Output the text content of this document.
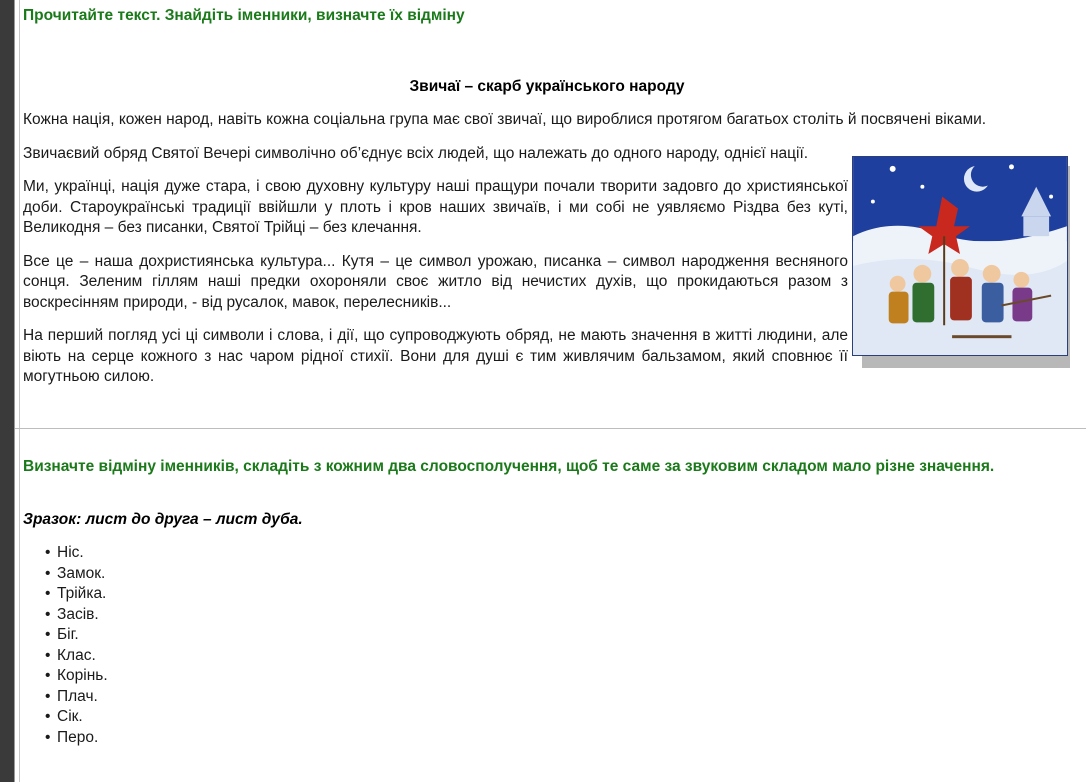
Прочитайте текст. Знайдіть іменники, визначте їх відміну
Звичаї – скарб українського народу

Кожна нація, кожен народ, навіть кожна соціальна група має свої звичаї, що вироблися протягом багатьох століть й посвячені віками.

Звичаєвий обряд Святої Вечері символічно об’єднує всіх людей, що належать до одного народу, однієї нації.

Ми, українці, нація дуже стара, і свою духовну культуру наші пращури почали творити задовго до християнської доби. Староукраїнські традиції ввійшли у плоть і кров наших звичаїв, і ми собі не уявляємо Різдва без куті, Великодня – без писанки, Святої Трійці – без клечання.

Все це – наша дохристиянська культура... Кутя – це символ урожаю, писанка – символ народження весняного сонця. Зеленим гіллям наші предки охороняли своє житло від нечистих духів, що прокидаються разом з воскресінням природи, - від русалок, мавок, перелесників...

На перший погляд усі ці символи і слова, і дії, що супроводжують обряд, не мають значення в житті людини, але віють на серце кожного з нас чаром рідної стихії. Вони для душі є тим живлячим бальзамом, який сповнює її могутньою силою.

Визначте відміну іменників, складіть з кожним два словосполучення, щоб те саме за звуковим складом мало різне значення.
Зразок: лист до друга – лист дуба.
• Ніс.
• Замок.
• Трійка.
• Засів.
• Біг.
• Клас.
• Корінь.
• Плач.
• Сік.
• Перо.
